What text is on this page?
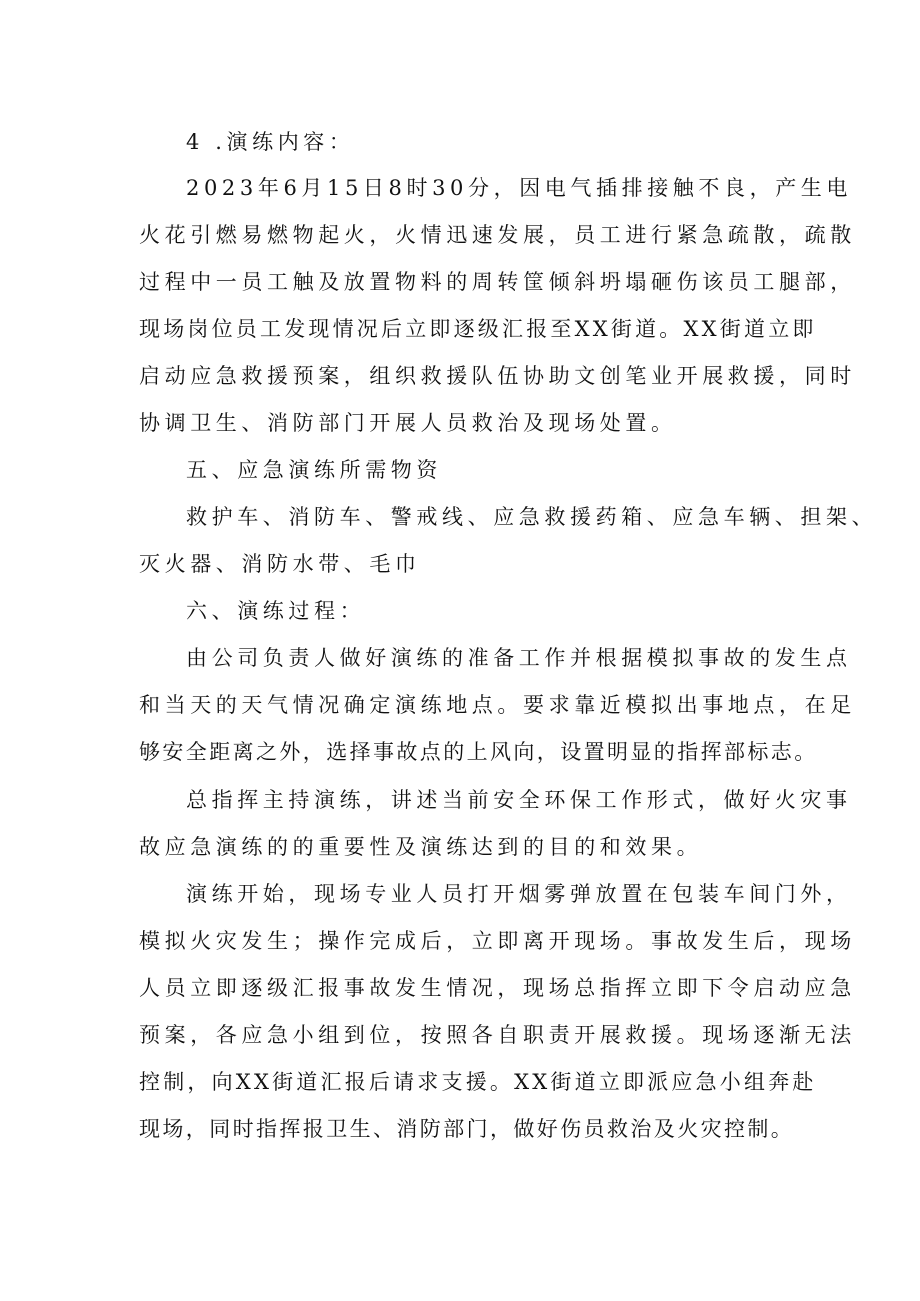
4 .演练内容：
2023年6月15日8时30分，因电气插排接触不良，产生电
火花引燃易燃物起火，火情迅速发展，员工进行紧急疏散，疏散
过程中一员工触及放置物料的周转筐倾斜坍塌砸伤该员工腿部，
现场岗位员工发现情况后立即逐级汇报至XX街道。XX街道立即
启动应急救援预案，组织救援队伍协助文创笔业开展救援，同时
协调卫生、消防部门开展人员救治及现场处置。
五、应急演练所需物资
救护车、消防车、警戒线、应急救援药箱、应急车辆、担架、
灭火器、消防水带、毛巾
六、演练过程：
由公司负责人做好演练的准备工作并根据模拟事故的发生点
和当天的天气情况确定演练地点。要求靠近模拟出事地点，在足
够安全距离之外，选择事故点的上风向，设置明显的指挥部标志。
总指挥主持演练，讲述当前安全环保工作形式，做好火灾事
故应急演练的的重要性及演练达到的目的和效果。
演练开始，现场专业人员打开烟雾弹放置在包装车间门外，
模拟火灾发生；操作完成后，立即离开现场。事故发生后，现场
人员立即逐级汇报事故发生情况，现场总指挥立即下令启动应急
预案，各应急小组到位，按照各自职责开展救援。现场逐渐无法
控制，向XX街道汇报后请求支援。XX街道立即派应急小组奔赴
现场，同时指挥报卫生、消防部门，做好伤员救治及火灾控制。
